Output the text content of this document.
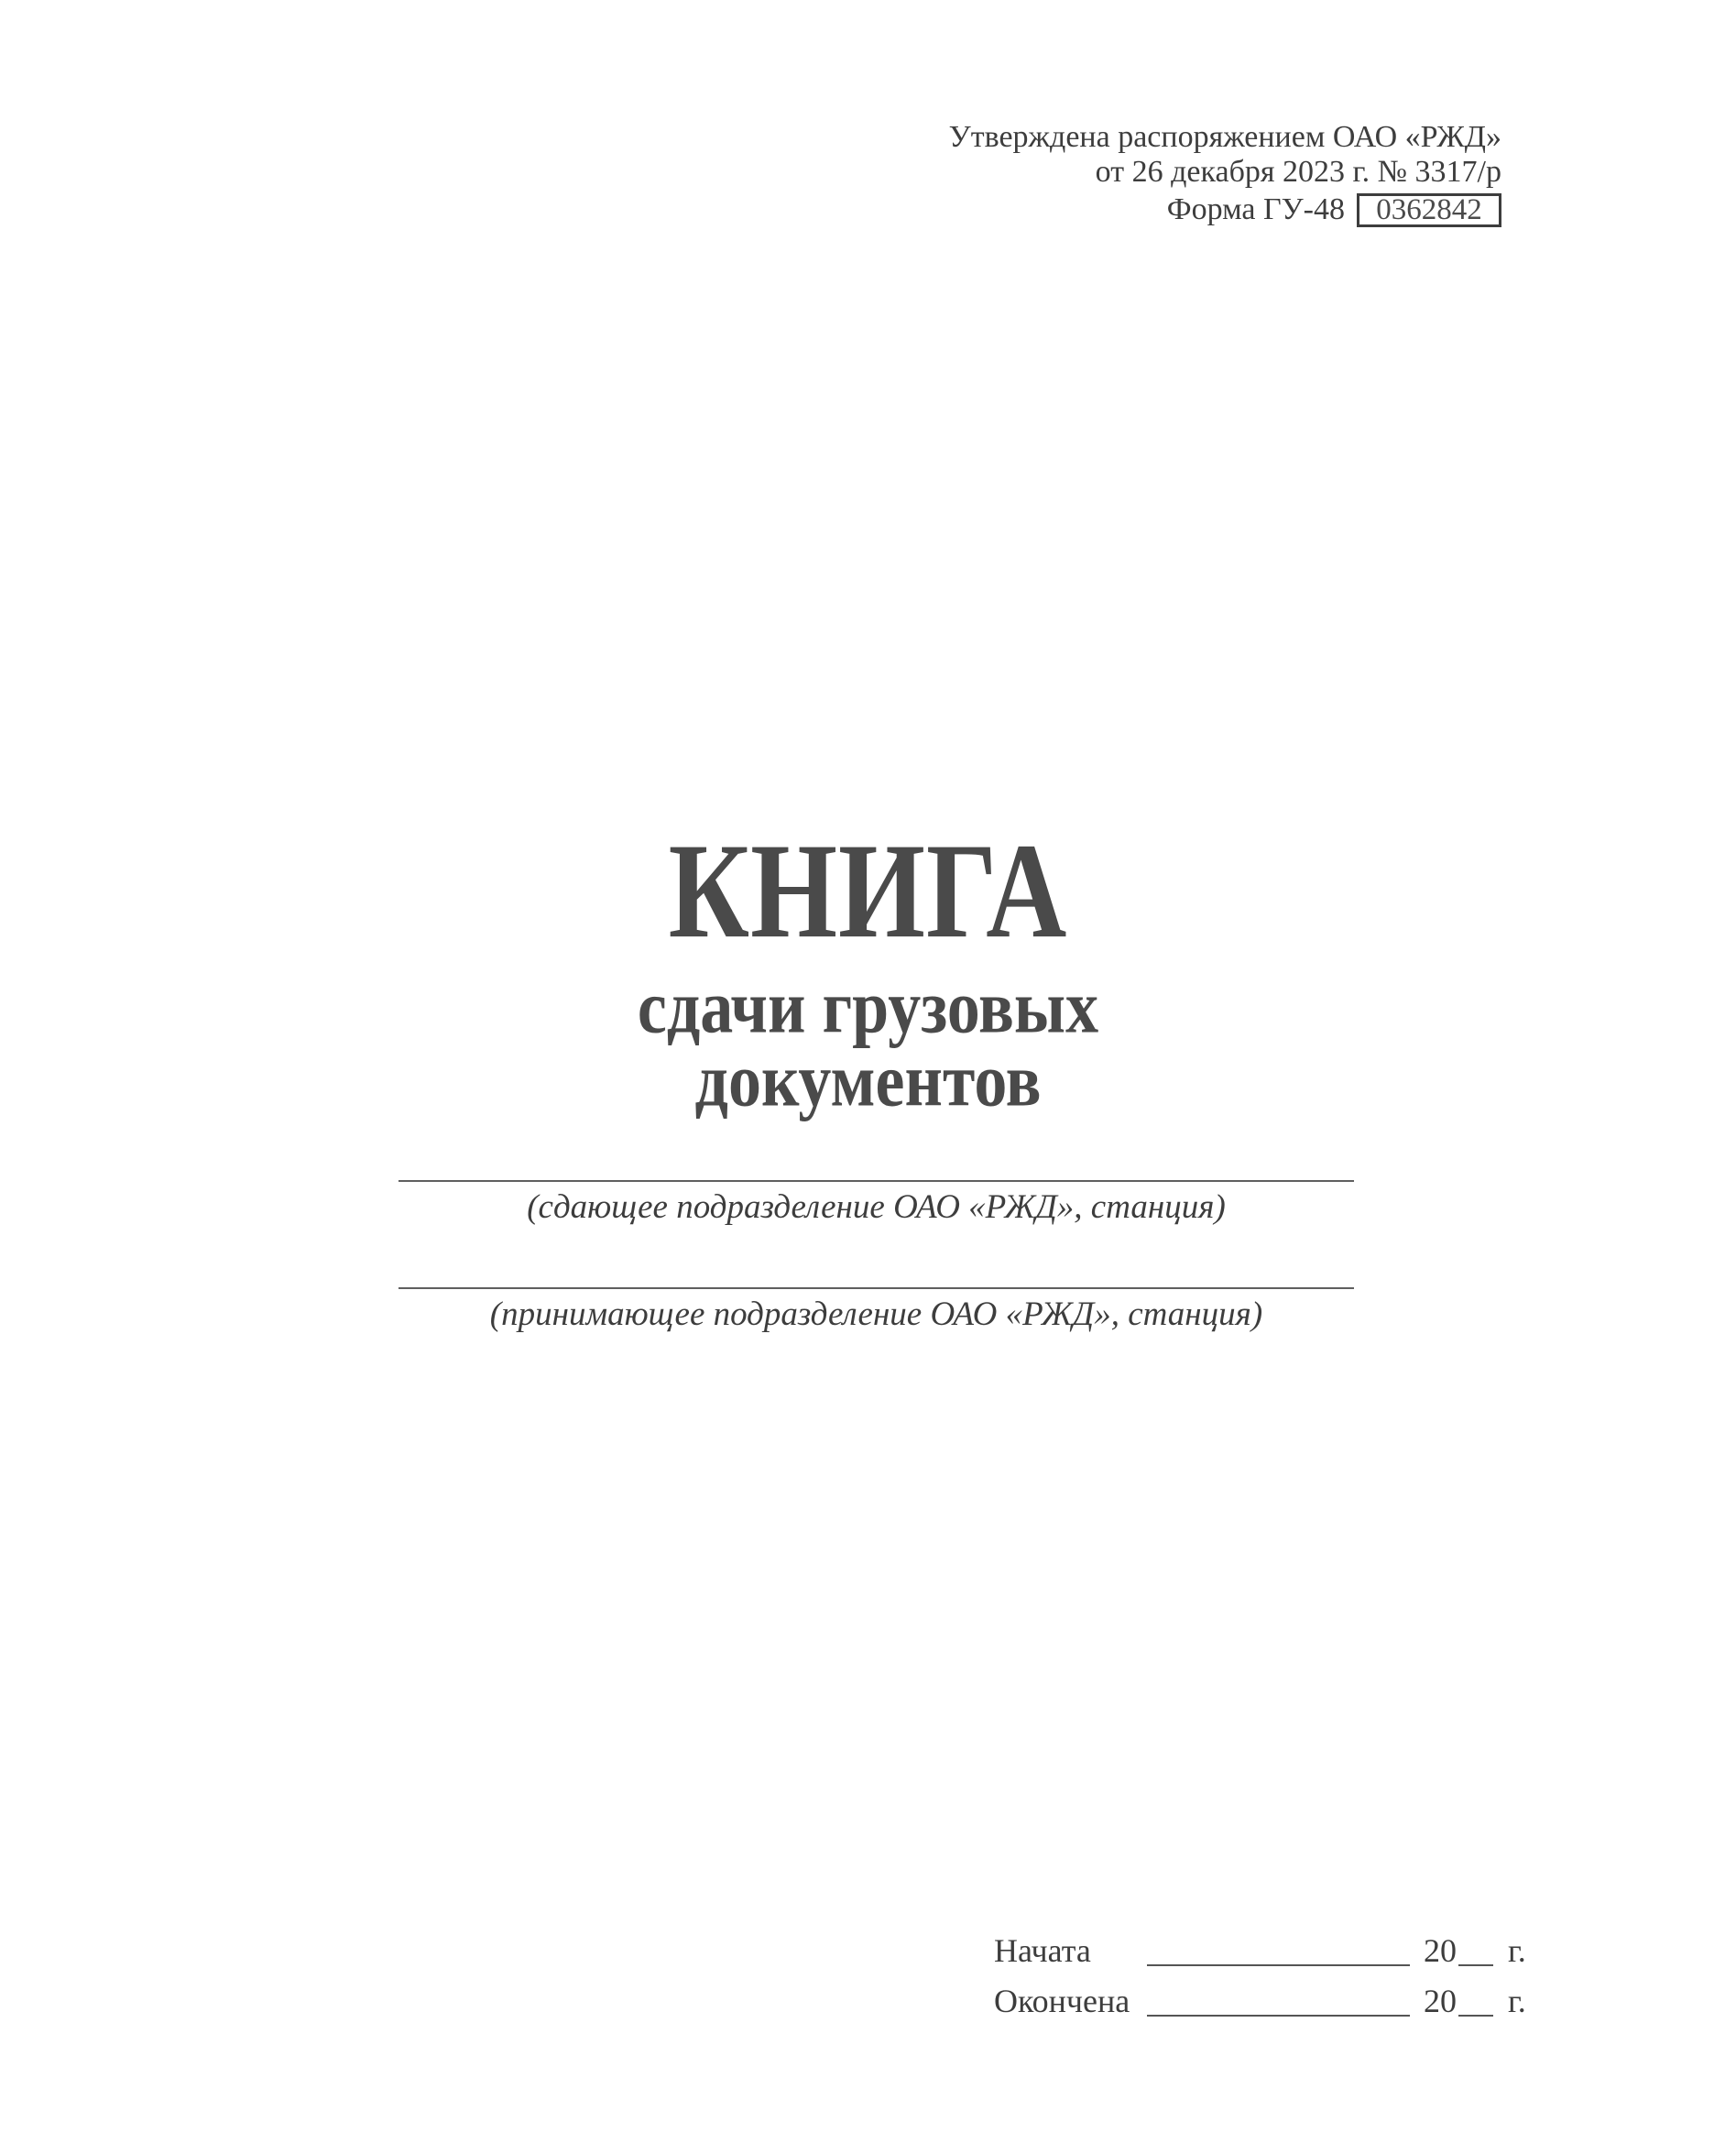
Утверждена распоряжением ОАО «РЖД»
от 26 декабря 2023 г. № 3317/р
Форма ГУ-48 0362842
КНИГА
сдачи грузовых
документов
(сдающее подразделение ОАО «РЖД», станция)
(принимающее подразделение ОАО «РЖД», станция)
Начата	20 г.
Окончена	20 г.
